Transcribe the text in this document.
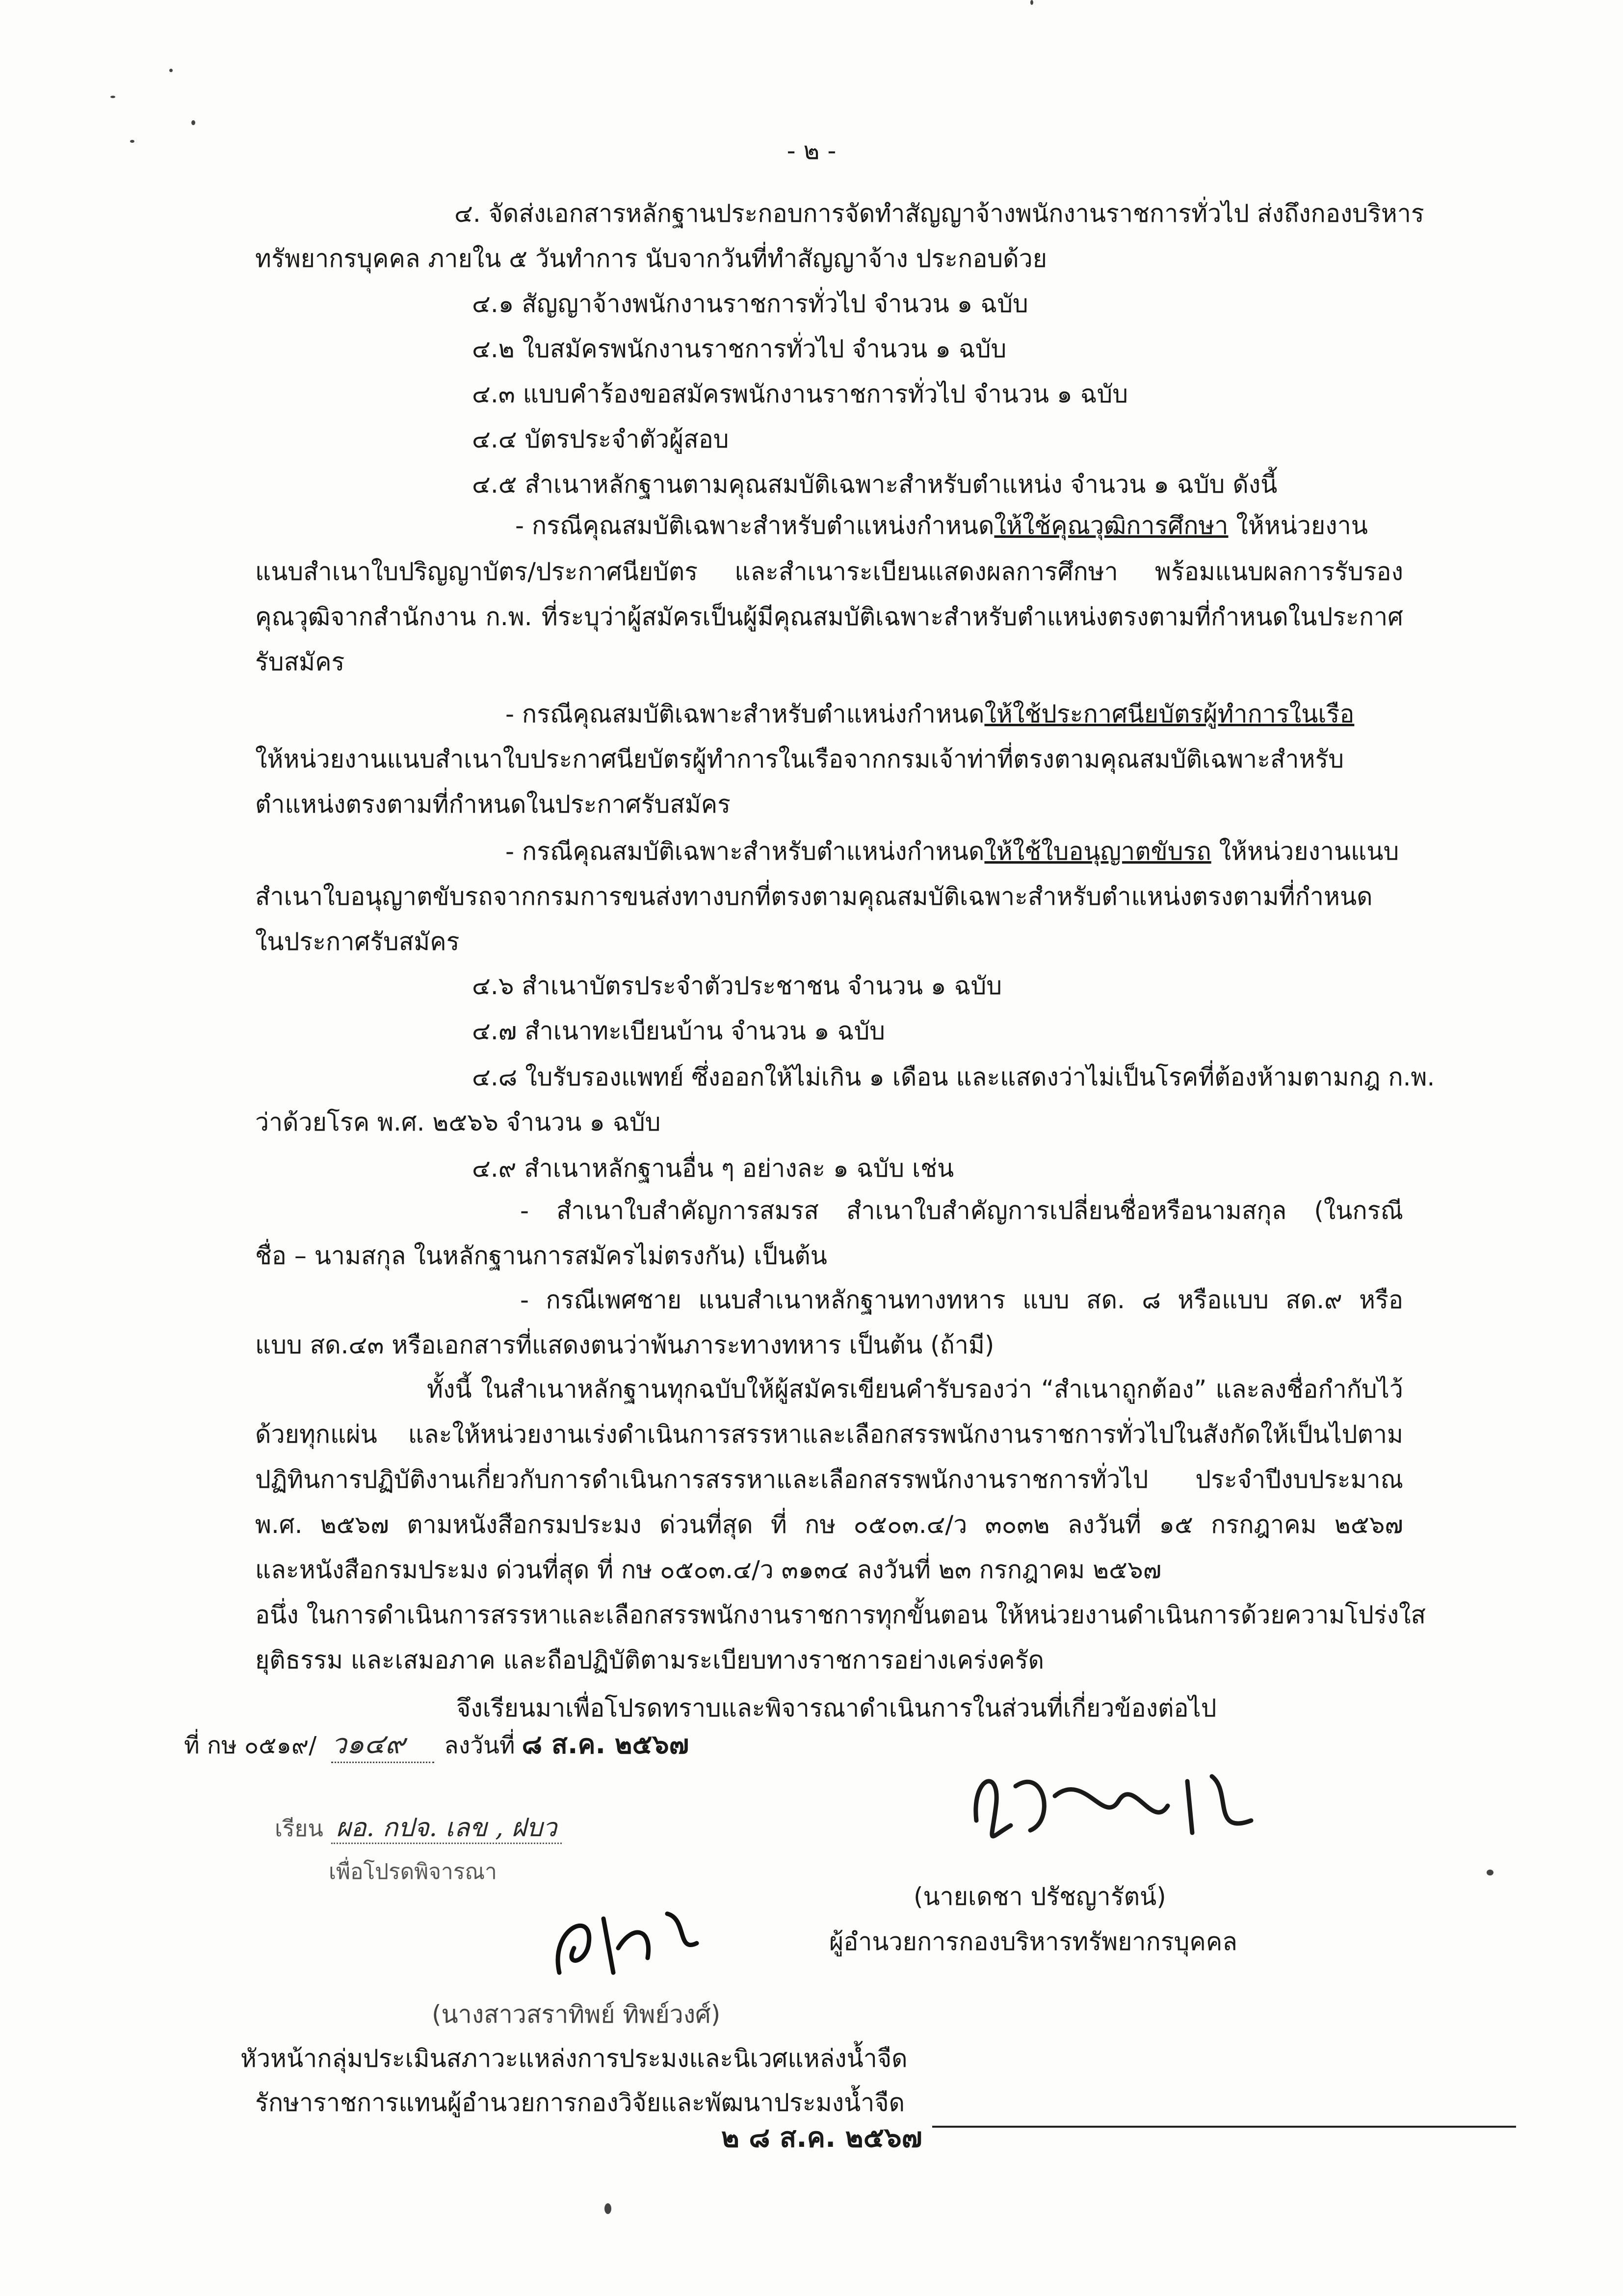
- ๒ -
๔. จัดส่งเอกสารหลักฐานประกอบการจัดทำสัญญาจ้างพนักงานราชการทั่วไป ส่งถึงกองบริหาร
ทรัพยากรบุคคล ภายใน ๕ วันทำการ นับจากวันที่ทำสัญญาจ้าง ประกอบด้วย
๔.๑ สัญญาจ้างพนักงานราชการทั่วไป จำนวน ๑ ฉบับ
๔.๒ ใบสมัครพนักงานราชการทั่วไป จำนวน ๑ ฉบับ
๔.๓ แบบคำร้องขอสมัครพนักงานราชการทั่วไป จำนวน ๑ ฉบับ
๔.๔ บัตรประจำตัวผู้สอบ
๔.๕ สำเนาหลักฐานตามคุณสมบัติเฉพาะสำหรับตำแหน่ง จำนวน ๑ ฉบับ ดังนี้
- กรณีคุณสมบัติเฉพาะสำหรับตำแหน่งกำหนดให้ใช้คุณวุฒิการศึกษา ให้หน่วยงาน
แนบสำเนาใบปริญญาบัตร/ประกาศนียบัตร และสำเนาระเบียนแสดงผลการศึกษา พร้อมแนบผลการรับรอง
คุณวุฒิจากสำนักงาน ก.พ. ที่ระบุว่าผู้สมัครเป็นผู้มีคุณสมบัติเฉพาะสำหรับตำแหน่งตรงตามที่กำหนดในประกาศ
รับสมัคร
- กรณีคุณสมบัติเฉพาะสำหรับตำแหน่งกำหนดให้ใช้ประกาศนียบัตรผู้ทำการในเรือ
ให้หน่วยงานแนบสำเนาใบประกาศนียบัตรผู้ทำการในเรือจากกรมเจ้าท่าที่ตรงตามคุณสมบัติเฉพาะสำหรับ
ตำแหน่งตรงตามที่กำหนดในประกาศรับสมัคร
- กรณีคุณสมบัติเฉพาะสำหรับตำแหน่งกำหนดให้ใช้ใบอนุญาตขับรถ ให้หน่วยงานแนบ
สำเนาใบอนุญาตขับรถจากกรมการขนส่งทางบกที่ตรงตามคุณสมบัติเฉพาะสำหรับตำแหน่งตรงตามที่กำหนด
ในประกาศรับสมัคร
๔.๖ สำเนาบัตรประจำตัวประชาชน จำนวน ๑ ฉบับ
๔.๗ สำเนาทะเบียนบ้าน จำนวน ๑ ฉบับ
๔.๘ ใบรับรองแพทย์ ซึ่งออกให้ไม่เกิน ๑ เดือน และแสดงว่าไม่เป็นโรคที่ต้องห้ามตามกฎ ก.พ.
ว่าด้วยโรค พ.ศ. ๒๕๖๖ จำนวน ๑ ฉบับ
๔.๙ สำเนาหลักฐานอื่น ๆ อย่างละ ๑ ฉบับ เช่น
- สำเนาใบสำคัญการสมรส สำเนาใบสำคัญการเปลี่ยนชื่อหรือนามสกุล (ในกรณี
ชื่อ – นามสกุล ในหลักฐานการสมัครไม่ตรงกัน) เป็นต้น
- กรณีเพศชาย แนบสำเนาหลักฐานทางทหาร แบบ สด. ๘ หรือแบบ สด.๙ หรือ
แบบ สด.๔๓ หรือเอกสารที่แสดงตนว่าพ้นภาระทางทหาร เป็นต้น (ถ้ามี)
ทั้งนี้ ในสำเนาหลักฐานทุกฉบับให้ผู้สมัครเขียนคำรับรองว่า “สำเนาถูกต้อง” และลงชื่อกำกับไว้
ด้วยทุกแผ่น และให้หน่วยงานเร่งดำเนินการสรรหาและเลือกสรรพนักงานราชการทั่วไปในสังกัดให้เป็นไปตาม
ปฏิทินการปฏิบัติงานเกี่ยวกับการดำเนินการสรรหาและเลือกสรรพนักงานราชการทั่วไป ประจำปีงบประมาณ
พ.ศ. ๒๕๖๗ ตามหนังสือกรมประมง ด่วนที่สุด ที่ กษ ๐๕๐๓.๔/ว ๓๐๓๒ ลงวันที่ ๑๕ กรกฎาคม ๒๕๖๗
และหนังสือกรมประมง ด่วนที่สุด ที่ กษ ๐๕๐๓.๔/ว ๓๑๓๔ ลงวันที่ ๒๓ กรกฎาคม ๒๕๖๗
อนึ่ง ในการดำเนินการสรรหาและเลือกสรรพนักงานราชการทุกขั้นตอน ให้หน่วยงานดำเนินการด้วยความโปร่งใส
ยุติธรรม และเสมอภาค และถือปฏิบัติตามระเบียบทางราชการอย่างเคร่งครัด
จึงเรียนมาเพื่อโปรดทราบและพิจารณาดำเนินการในส่วนที่เกี่ยวข้องต่อไป
ที่ กษ ๐๕๑๙/ ว๑๔๙ ลงวันที่ ๘ ส.ค. ๒๕๖๗
เรียน ผอ. กปจ. เลข , ฝบว
เพื่อโปรดพิจารณา
(นายเดชา ปรัชญารัตน์)
ผู้อำนวยการกองบริหารทรัพยากรบุคคล
(นางสาวสราทิพย์ ทิพย์วงศ์)
หัวหน้ากลุ่มประเมินสภาวะแหล่งการประมงและนิเวศแหล่งน้ำจืด
รักษาราชการแทนผู้อำนวยการกองวิจัยและพัฒนาประมงน้ำจืด
๒ ๘ ส.ค. ๒๕๖๗
